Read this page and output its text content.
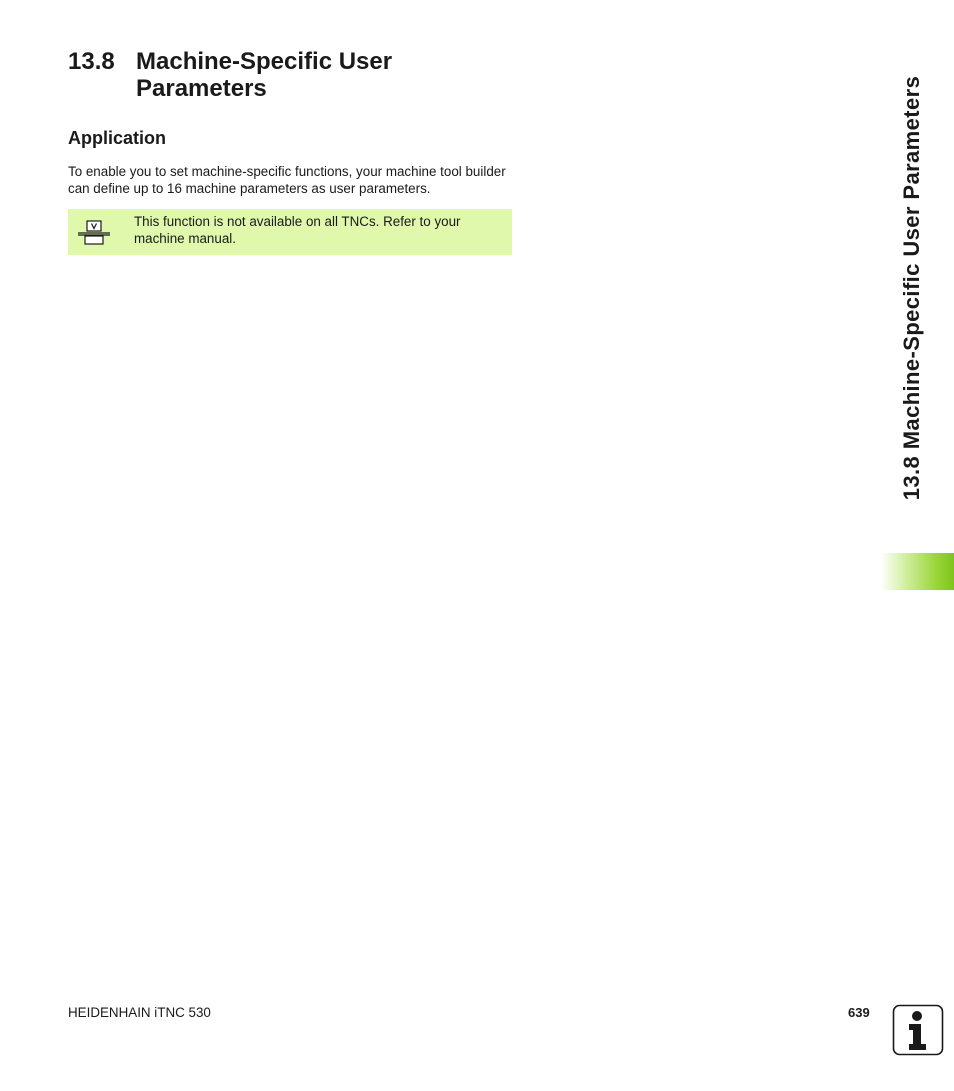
13.8 Machine-Specific User Parameters
Application

To enable you to set machine-specific functions, your machine tool builder can define up to 16 machine parameters as user parameters.

This function is not available on all TNCs. Refer to your machine manual.	13.8 Machine-Specific User Parameters

HEIDENHAIN iTNC 530	639
